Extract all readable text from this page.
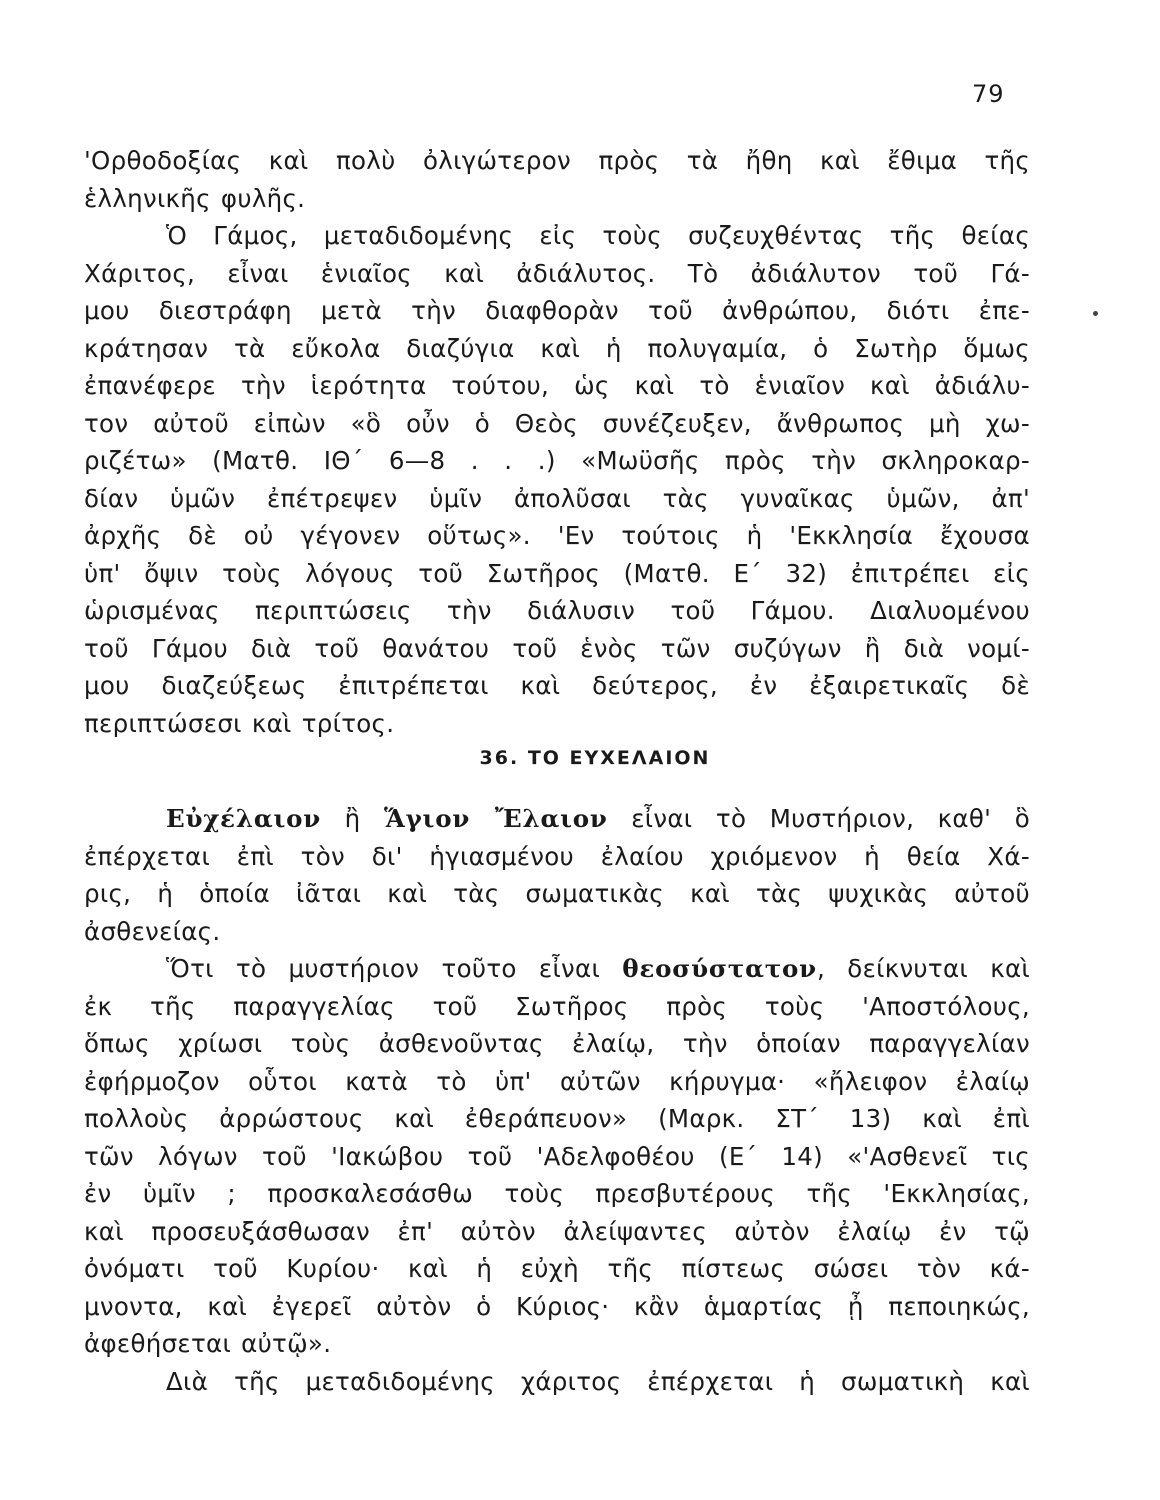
79

'Ορθοδοξίας καὶ πολὺ ὀλιγώτερον πρὸς τὰ ἤθη καὶ ἔθιμα τῆς
ἑλληνικῆς φυλῆς.

Ὁ Γάμος, μεταδιδομένης εἰς τοὺς συζευχθέντας τῆς θείας
Χάριτος, εἶναι ἑνιαῖος καὶ ἀδιάλυτος. Τὸ ἀδιάλυτον τοῦ Γά-
μου διεστράφη μετὰ τὴν διαφθορὰν τοῦ ἀνθρώπου, διότι ἐπε-
κράτησαν τὰ εὔκολα διαζύγια καὶ ἡ πολυγαμία, ὁ Σωτὴρ ὅμως
ἐπανέφερε τὴν ἱερότητα τούτου, ὡς καὶ τὸ ἑνιαῖον καὶ ἀδιάλυ-
τον αὐτοῦ εἰπὼν «ὃ οὖν ὁ Θεὸς συνέζευξεν, ἄνθρωπος μὴ χω-
ριζέτω» (Ματθ. ΙΘ΄ 6—8 . . .) «Μωϋσῆς πρὸς τὴν σκληροκαρ-
δίαν ὑμῶν ἐπέτρεψεν ὑμῖν ἀπολῦσαι τὰς γυναῖκας ὑμῶν, ἀπ'
ἀρχῆς δὲ οὐ γέγονεν οὕτως». 'Εν τούτοις ἡ 'Εκκλησία ἔχουσα
ὑπ' ὄψιν τοὺς λόγους τοῦ Σωτῆρος (Ματθ. Ε΄ 32) ἐπιτρέπει εἰς
ὡρισμένας περιπτώσεις τὴν διάλυσιν τοῦ Γάμου. Διαλυομένου
τοῦ Γάμου διὰ τοῦ θανάτου τοῦ ἑνὸς τῶν συζύγων ἢ διὰ νομί-
μου διαζεύξεως ἐπιτρέπεται καὶ δεύτερος, ἐν ἐξαιρετικαῖς δὲ
περιπτώσεσι καὶ τρίτος.

36. ΤΟ ΕΥΧΕΛΑΙΟΝ

Εὐχέλαιον ἢ Ἅγιον Ἔλαιον εἶναι τὸ Μυστήριον, καθ' ὃ
ἐπέρχεται ἐπὶ τὸν δι' ἡγιασμένου ἐλαίου χριόμενον ἡ θεία Χά-
ρις, ἡ ὁποία ἰᾶται καὶ τὰς σωματικὰς καὶ τὰς ψυχικὰς αὐτοῦ
ἀσθενείας.

Ὅτι τὸ μυστήριον τοῦτο εἶναι θεοσύστατον, δείκνυται καὶ
ἐκ τῆς παραγγελίας τοῦ Σωτῆρος πρὸς τοὺς 'Αποστόλους,
ὅπως χρίωσι τοὺς ἀσθενοῦντας ἐλαίῳ, τὴν ὁποίαν παραγγελίαν
ἐφήρμοζον οὗτοι κατὰ τὸ ὑπ' αὐτῶν κήρυγμα· «ἤλειφον ἐλαίῳ
πολλοὺς ἀρρώστους καὶ ἐθεράπευον» (Μαρκ. ΣΤ΄ 13) καὶ ἐπὶ
τῶν λόγων τοῦ 'Ιακώβου τοῦ 'Αδελφοθέου (Ε΄ 14) «'Ασθενεῖ τις
ἐν ὑμῖν ; προσκαλεσάσθω τοὺς πρεσβυτέρους τῆς 'Εκκλησίας,
καὶ προσευξάσθωσαν ἐπ' αὐτὸν ἀλείψαντες αὐτὸν ἐλαίῳ ἐν τῷ
ὀνόματι τοῦ Κυρίου· καὶ ἡ εὐχὴ τῆς πίστεως σώσει τὸν κά-
μνοντα, καὶ ἐγερεῖ αὐτὸν ὁ Κύριος· κἂν ἁμαρτίας ᾖ πεποιηκώς,
ἀφεθήσεται αὐτῷ».

Διὰ τῆς μεταδιδομένης χάριτος ἐπέρχεται ἡ σωματικὴ καὶ
